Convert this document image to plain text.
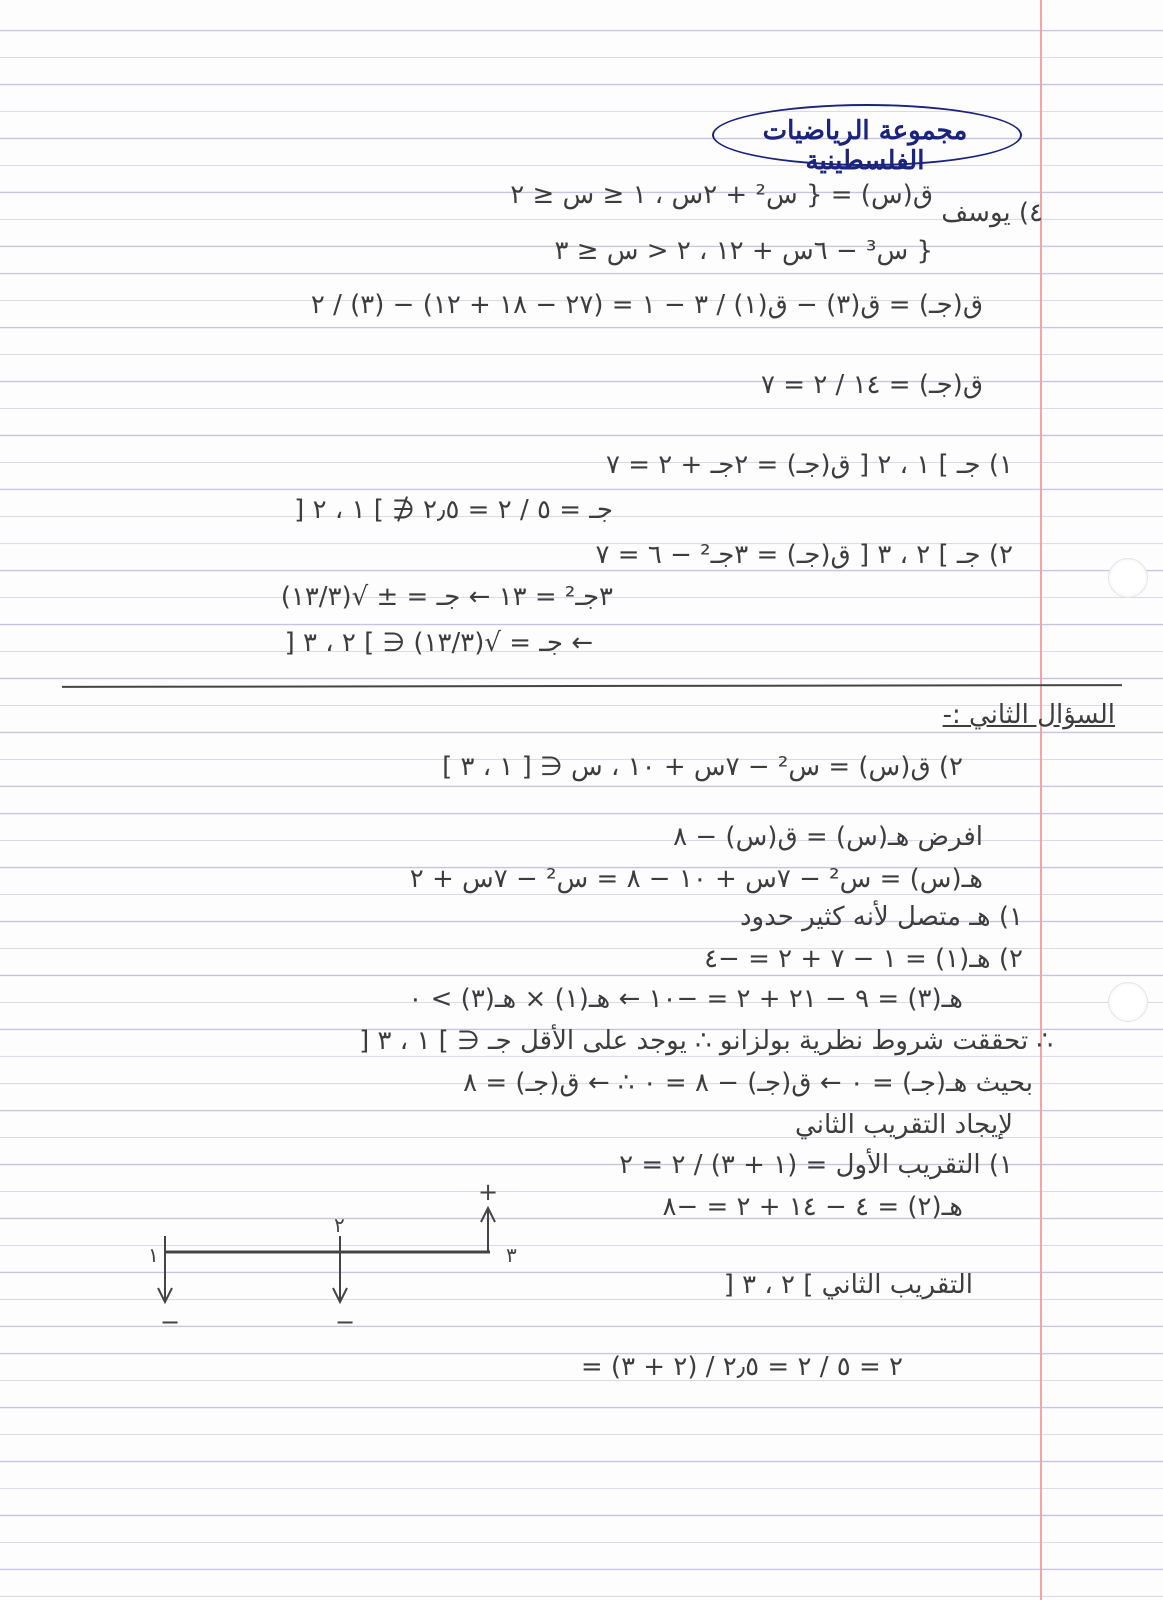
مجموعة الرياضيات الفلسطينية
٤) يوسف
ق(س) = { س² + ٢س ، ١ ≤ س ≤ ٢
{ س³ − ٦س + ١٢ ، ٢ < س ≤ ٣
ق(جـ) = ق(٣) − ق(١) / ٣ − ١ = (٢٧ − ١٨ + ١٢) − (٣) / ٢
ق(جـ) = ١٤ / ٢ = ٧
١) جـ ] ١ ، ٢ [ ق(جـ) = ٢جـ + ٢ = ٧
جـ = ٥ / ٢ = ٢٫٥ ∉ ] ١ ، ٢ [
٢) جـ ] ٢ ، ٣ [ ق(جـ) = ٣جـ² − ٦ = ٧
٣جـ² = ١٣ ← جـ = ± √(١٣/٣)
← جـ = √(١٣/٣) ∈ ] ٢ ، ٣ [
السؤال الثاني :-
٢) ق(س) = س² − ٧س + ١٠ ، س ∈ [ ١ ، ٣ ]
افرض هـ(س) = ق(س) − ٨
هـ(س) = س² − ٧س + ١٠ − ٨ = س² − ٧س + ٢
١) هـ متصل لأنه كثير حدود
٢) هـ(١) = ١ − ٧ + ٢ = −٤
هـ(٣) = ٩ − ٢١ + ٢ = −١٠ ← هـ(١) × هـ(٣) > ٠
∴ تحققت شروط نظرية بولزانو ∴ يوجد على الأقل جـ ∈ ] ١ ، ٣ [
بحيث هـ(جـ) = ٠ ← ق(جـ) − ٨ = ٠ ∴ ← ق(جـ) = ٨
لإيجاد التقريب الثاني
١) التقريب الأول = (١ + ٣) / ٢ = ٢
هـ(٢) = ٤ − ١٤ + ٢ = −٨
التقريب الثاني ] ٢ ، ٣ [
= (٢ + ٣) / ٢ = ٥ / ٢ = ٢٫٥
١
٢
٣
−	−
+
